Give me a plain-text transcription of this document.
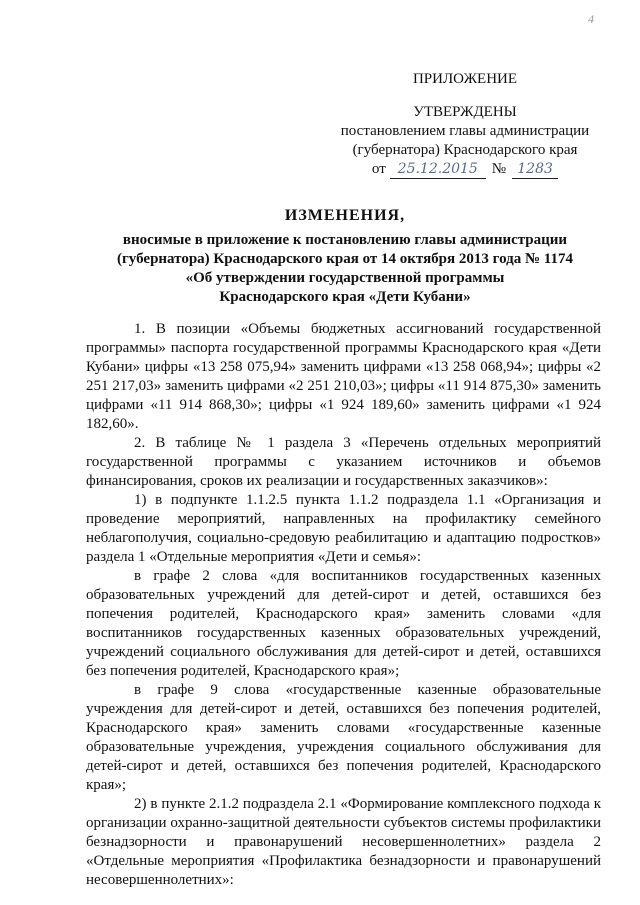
4
ПРИЛОЖЕНИЕ
УТВЕРЖДЕНЫ
постановлением главы администрации
(губернатора) Краснодарского края
от 25.12.2015 № 1283
ИЗМЕНЕНИЯ,
вносимые в приложение к постановлению главы администрации
(губернатора) Краснодарского края от 14 октября 2013 года № 1174
«Об утверждении государственной программы
Краснодарского края «Дети Кубани»

1. В позиции «Объемы бюджетных ассигнований государственной программы» паспорта государственной программы Краснодарского края «Дети Кубани» цифры «13 258 075,94» заменить цифрами «13 258 068,94»; цифры «2 251 217,03» заменить цифрами «2 251 210,03»; цифры «11 914 875,30» заменить цифрами «11 914 868,30»; цифры «1 924 189,60» заменить цифрами «1 924 182,60».

2. В таблице № 1 раздела 3 «Перечень отдельных мероприятий государственной программы с указанием источников и объемов финансирования, сроков их реализации и государственных заказчиков»:

1) в подпункте 1.1.2.5 пункта 1.1.2 подраздела 1.1 «Организация и проведение мероприятий, направленных на профилактику семейного неблагополучия, социально-средовую реабилитацию и адаптацию подростков» раздела 1 «Отдельные мероприятия «Дети и семья»:

в графе 2 слова «для воспитанников государственных казенных образовательных учреждений для детей-сирот и детей, оставшихся без попечения родителей, Краснодарского края» заменить словами «для воспитанников государственных казенных образовательных учреждений, учреждений социального обслуживания для детей-сирот и детей, оставшихся без попечения родителей, Краснодарского края»;

в графе 9 слова «государственные казенные образовательные учреждения для детей-сирот и детей, оставшихся без попечения родителей, Краснодарского края» заменить словами «государственные казенные образовательные учреждения, учреждения социального обслуживания для детей-сирот и детей, оставшихся без попечения родителей, Краснодарского края»;

2) в пункте 2.1.2 подраздела 2.1 «Формирование комплексного подхода к организации охранно-защитной деятельности субъектов системы профилактики безнадзорности и правонарушений несовершеннолетних» раздела 2 «Отдельные мероприятия «Профилактика безнадзорности и правонарушений несовершеннолетних»:
